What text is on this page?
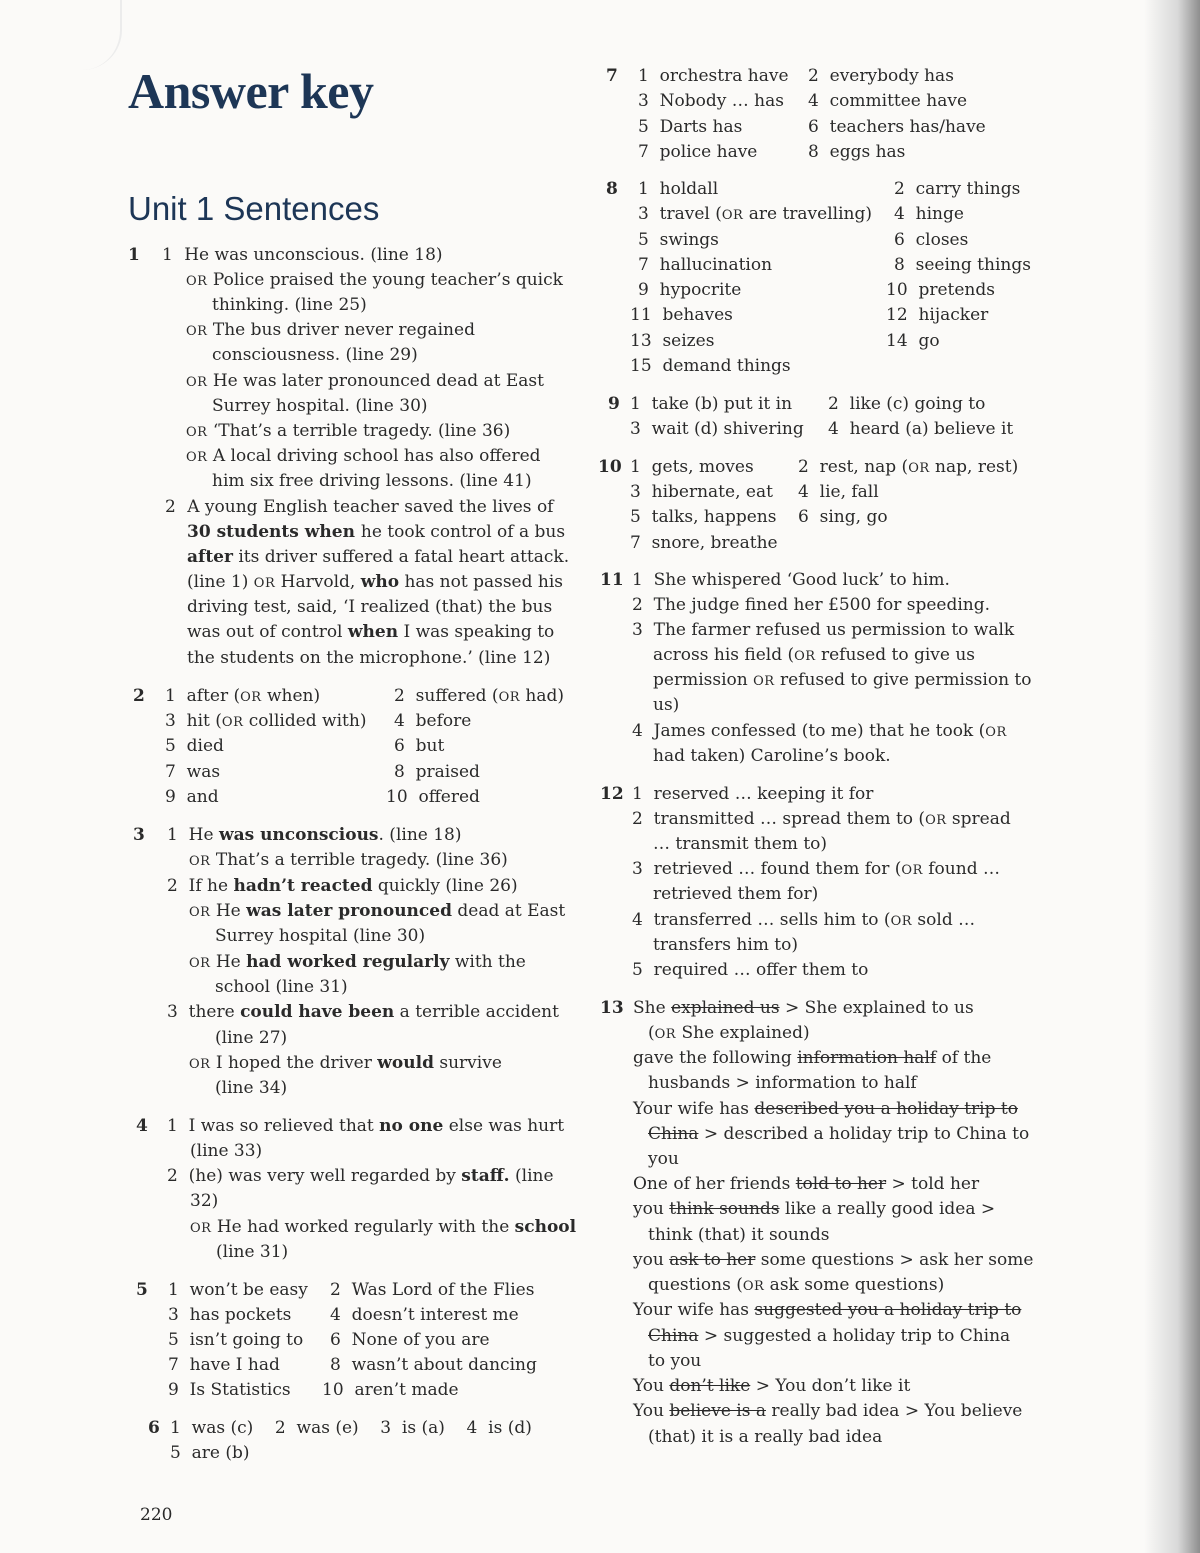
Answer key
Unit 1 Sentences
1 1 He was unconscious. (line 18)
OR Police praised the young teacher’s quick
thinking. (line 25)
OR The bus driver never regained
consciousness. (line 29)
OR He was later pronounced dead at East
Surrey hospital. (line 30)
OR ‘That’s a terrible tragedy. (line 36)
OR A local driving school has also offered
him six free driving lessons. (line 41)
2 A young English teacher saved the lives of
30 students when he took control of a bus
after its driver suffered a fatal heart attack.
(line 1) OR Harvold, who has not passed his
driving test, said, ‘I realized (that) the bus
was out of control when I was speaking to
the students on the microphone.’ (line 12)
2 1 after (OR when)
3 hit (OR collided with)
5 died
7 was
9 and
2 suffered (OR had)
4 before
6 but
8 praised
10 offered
3 1 He was unconscious. (line 18)
OR That’s a terrible tragedy. (line 36)
2 If he hadn’t reacted quickly (line 26)
OR He was later pronounced dead at East
Surrey hospital (line 30)
OR He had worked regularly with the
school (line 31)
3 there could have been a terrible accident
(line 27)
OR I hoped the driver would survive
(line 34)
4 1 I was so relieved that no one else was hurt
(line 33)
2 (he) was very well regarded by staff. (line
32)
OR He had worked regularly with the school
(line 31)
5 1 won’t be easy
3 has pockets
5 isn’t going to
7 have I had
9 Is Statistics
2 Was Lord of the Flies
4 doesn’t interest me
6 None of you are
8 wasn’t about dancing
10 aren’t made
6 1 was (c) 2 was (e) 3 is (a) 4 is (d)
5 are (b)
220
7 1 orchestra have
3 Nobody … has
5 Darts has
7 police have
2 everybody has
4 committee have
6 teachers has/have
8 eggs has
8 1 holdall
3 travel (OR are travelling)
5 swings
7 hallucination
9 hypocrite
11 behaves
13 seizes
15 demand things
2 carry things
4 hinge
6 closes
8 seeing things
10 pretends
12 hijacker
14 go
9 1 take (b) put it in
3 wait (d) shivering
2 like (c) going to
4 heard (a) believe it
10 1 gets, moves
3 hibernate, eat
5 talks, happens
7 snore, breathe
2 rest, nap (OR nap, rest)
4 lie, fall
6 sing, go
11 1 She whispered ‘Good luck’ to him.
2 The judge fined her £500 for speeding.
3 The farmer refused us permission to walk
across his field (OR refused to give us
permission OR refused to give permission to
us)
4 James confessed (to me) that he took (OR
had taken) Caroline’s book.
12 1 reserved … keeping it for
2 transmitted … spread them to (OR spread
… transmit them to)
3 retrieved … found them for (OR found …
retrieved them for)
4 transferred … sells him to (OR sold …
transfers him to)
5 required … offer them to
13 She explained us > She explained to us
(OR She explained)
gave the following information half of the
husbands > information to half
Your wife has described you a holiday trip to
China > described a holiday trip to China to
you
One of her friends told to her > told her
you think sounds like a really good idea >
think (that) it sounds
you ask to her some questions > ask her some
questions (OR ask some questions)
Your wife has suggested you a holiday trip to
China > suggested a holiday trip to China
to you
You don’t like > You don’t like it
You believe is a really bad idea > You believe
(that) it is a really bad idea
